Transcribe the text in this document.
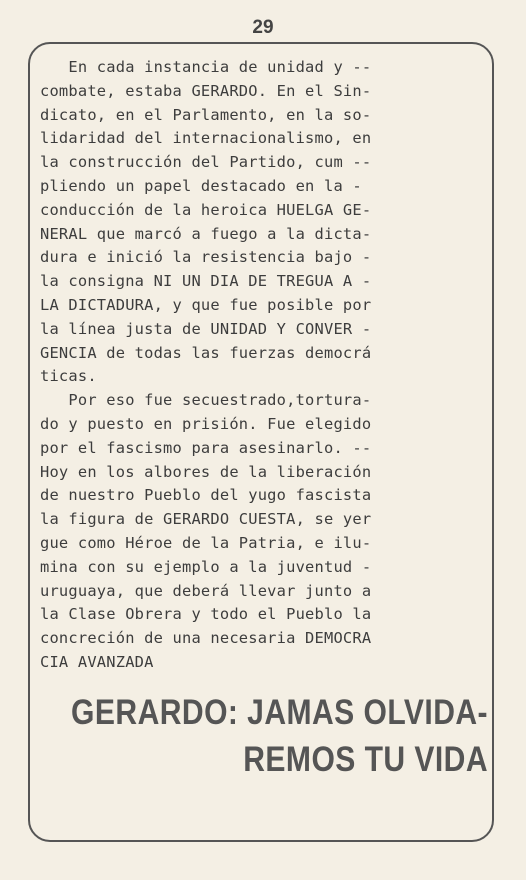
29
En cada instancia de unidad y --
combate, estaba GERARDO. En el Sin-
dicato, en el Parlamento, en la so-
lidaridad del internacionalismo, en
la construcción del Partido, cum --
pliendo un papel destacado en la -
conducción de la heroica HUELGA GE-
NERAL que marcó a fuego a la dicta-
dura e inició la resistencia bajo -
la consigna NI UN DIA DE TREGUA A -
LA DICTADURA, y que fue posible por
la línea justa de UNIDAD Y CONVER -
GENCIA de todas las fuerzas democrá
ticas.
Por eso fue secuestrado,tortura-
do y puesto en prisión. Fue elegido
por el fascismo para asesinarlo. --
Hoy en los albores de la liberación
de nuestro Pueblo del yugo fascista
la figura de GERARDO CUESTA, se yer
gue como Héroe de la Patria, e ilu-
mina con su ejemplo a la juventud -
uruguaya, que deberá llevar junto a
la Clase Obrera y todo el Pueblo la
concreción de una necesaria DEMOCRA
CIA AVANZADA
GERARDO: JAMAS OLVIDA-
REMOS TU VIDA
